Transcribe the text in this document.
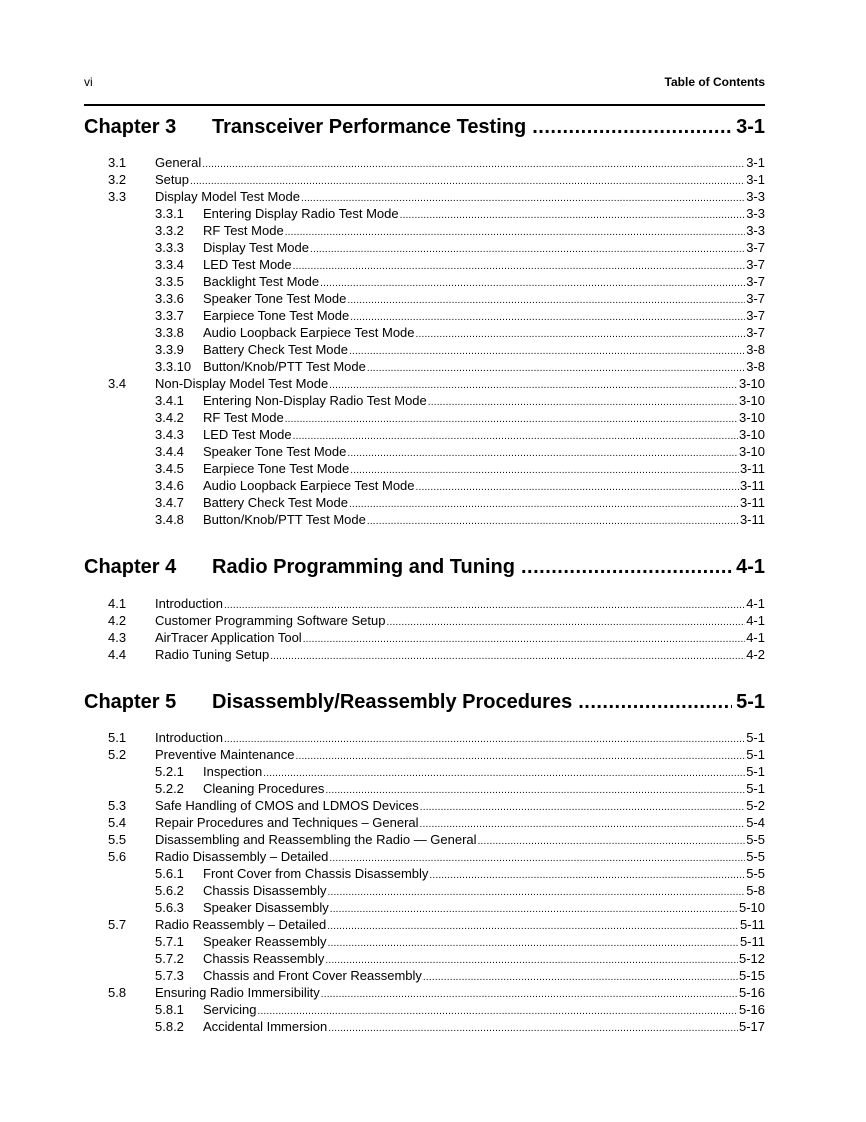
vi	Table of Contents
Chapter 3	Transceiver Performance Testing .....	3-1
3.1	General .....	3-1
3.2	Setup .....	3-1
3.3	Display Model Test Mode .....	3-3
3.3.1	Entering Display Radio Test Mode .....	3-3
3.3.2	RF Test Mode .....	3-3
3.3.3	Display Test Mode .....	3-7
3.3.4	LED Test Mode .....	3-7
3.3.5	Backlight Test Mode .....	3-7
3.3.6	Speaker Tone Test Mode .....	3-7
3.3.7	Earpiece Tone Test Mode .....	3-7
3.3.8	Audio Loopback Earpiece Test Mode .....	3-7
3.3.9	Battery Check Test Mode .....	3-8
3.3.10 Button/Knob/PTT Test Mode .....	3-8
3.4	Non-Display Model Test Mode .....	3-10
3.4.1	Entering Non-Display Radio Test Mode .....	3-10
3.4.2	RF Test Mode .....	3-10
3.4.3	LED Test Mode .....	3-10
3.4.4	Speaker Tone Test Mode .....	3-10
3.4.5	Earpiece Tone Test Mode .....	3-11
3.4.6	Audio Loopback Earpiece Test Mode .....	3-11
3.4.7	Battery Check Test Mode .....	3-11
3.4.8	Button/Knob/PTT Test Mode .....	3-11
Chapter 4	Radio Programming and Tuning .....	4-1
4.1	Introduction .....	4-1
4.2	Customer Programming Software Setup .....	4-1
4.3	AirTracer Application Tool .....	4-1
4.4	Radio Tuning Setup .....	4-2
Chapter 5	Disassembly/Reassembly Procedures .....	5-1
5.1	Introduction .....	5-1
5.2	Preventive Maintenance .....	5-1
5.2.1	Inspection .....	5-1
5.2.2	Cleaning Procedures .....	5-1
5.3	Safe Handling of CMOS and LDMOS Devices .....	5-2
5.4	Repair Procedures and Techniques – General .....	5-4
5.5	Disassembling and Reassembling the Radio — General .....	5-5
5.6	Radio Disassembly – Detailed .....	5-5
5.6.1	Front Cover from Chassis Disassembly .....	5-5
5.6.2	Chassis Disassembly .....	5-8
5.6.3	Speaker Disassembly .....	5-10
5.7	Radio Reassembly – Detailed .....	5-11
5.7.1	Speaker Reassembly .....	5-11
5.7.2	Chassis Reassembly .....	5-12
5.7.3	Chassis and Front Cover Reassembly .....	5-15
5.8	Ensuring Radio Immersibility .....	5-16
5.8.1	Servicing .....	5-16
5.8.2	Accidental Immersion .....	5-17
